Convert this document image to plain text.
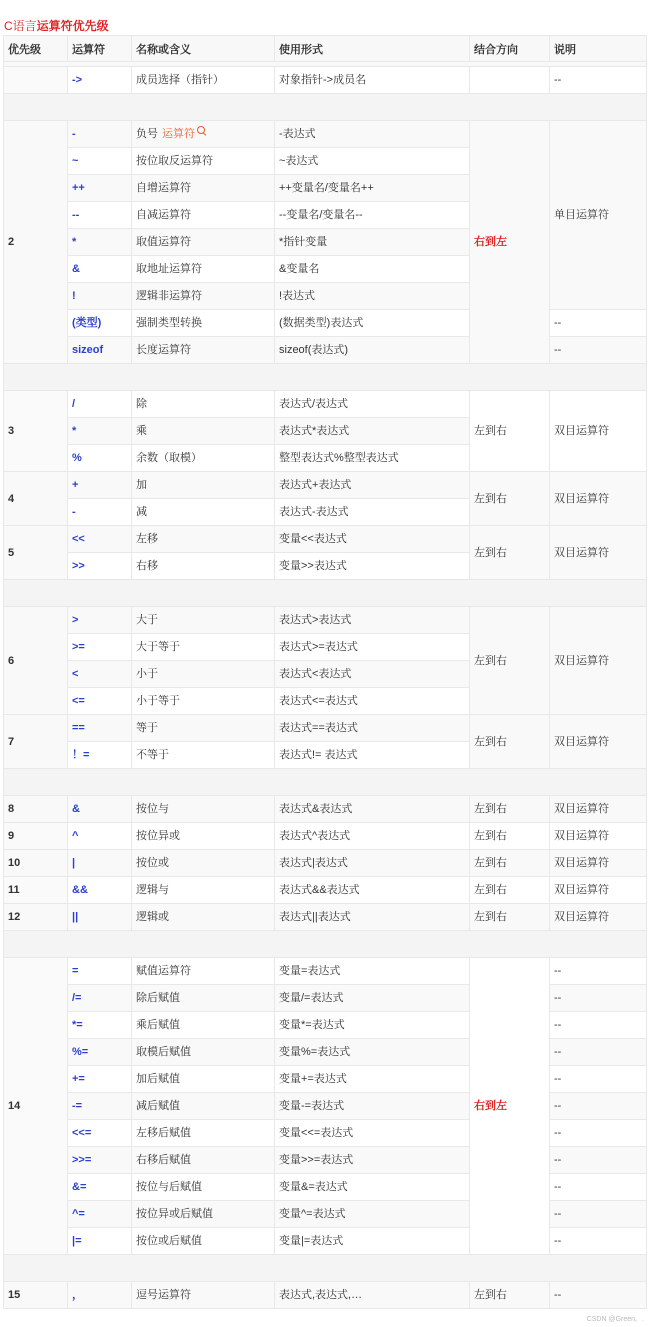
C语言运算符优先级
优先级	运算符	名称或含义	使用形式	结合方向	说明

	->	成员选择（指针）	对象指针->成员名		--

2	-	负号 运算符	-表达式	右到左	单目运算符
	~	按位取反运算符	~表达式		
	++	自增运算符	++变量名/变量名++		
	--	自减运算符	--变量名/变量名--		
	*	取值运算符	*指针变量		
	&	取地址运算符	&变量名		
	!	逻辑非运算符	!表达式		
	(类型)	强制类型转换	(数据类型)表达式		--
	sizeof	长度运算符	sizeof(表达式)		--

3	/	除	表达式/表达式	左到右	双目运算符
	*	乘	表达式*表达式		
	%	余数（取模）	整型表达式%整型表达式		
4	+	加	表达式+表达式	左到右	双目运算符
	-	减	表达式-表达式		
5	<<	左移	变量<<表达式	左到右	双目运算符
	>>	右移	变量>>表达式		

6	>	大于	表达式>表达式	左到右	双目运算符
	>=	大于等于	表达式>=表达式		
	<	小于	表达式<表达式		
	<=	小于等于	表达式<=表达式		
7	==	等于	表达式==表达式	左到右	双目运算符
	！=	不等于	表达式!= 表达式		

8	&	按位与	表达式&表达式	左到右	双目运算符
9	^	按位异或	表达式^表达式	左到右	双目运算符
10	|	按位或	表达式|表达式	左到右	双目运算符
11	&&	逻辑与	表达式&&表达式	左到右	双目运算符
12	||	逻辑或	表达式||表达式	左到右	双目运算符

14	=	赋值运算符	变量=表达式	右到左	--
	/=	除后赋值	变量/=表达式		--
	*=	乘后赋值	变量*=表达式		--
	%=	取模后赋值	变量%=表达式		--
	+=	加后赋值	变量+=表达式		--
	-=	减后赋值	变量-=表达式		--
	<<=	左移后赋值	变量<<=表达式		--
	>>=	右移后赋值	变量>>=表达式		--
	&=	按位与后赋值	变量&=表达式		--
	^=	按位异或后赋值	变量^=表达式		--
	|=	按位或后赋值	变量|=表达式		--

15	，	逗号运算符	表达式,表达式,…	左到右	--
CSDN @Green。.
